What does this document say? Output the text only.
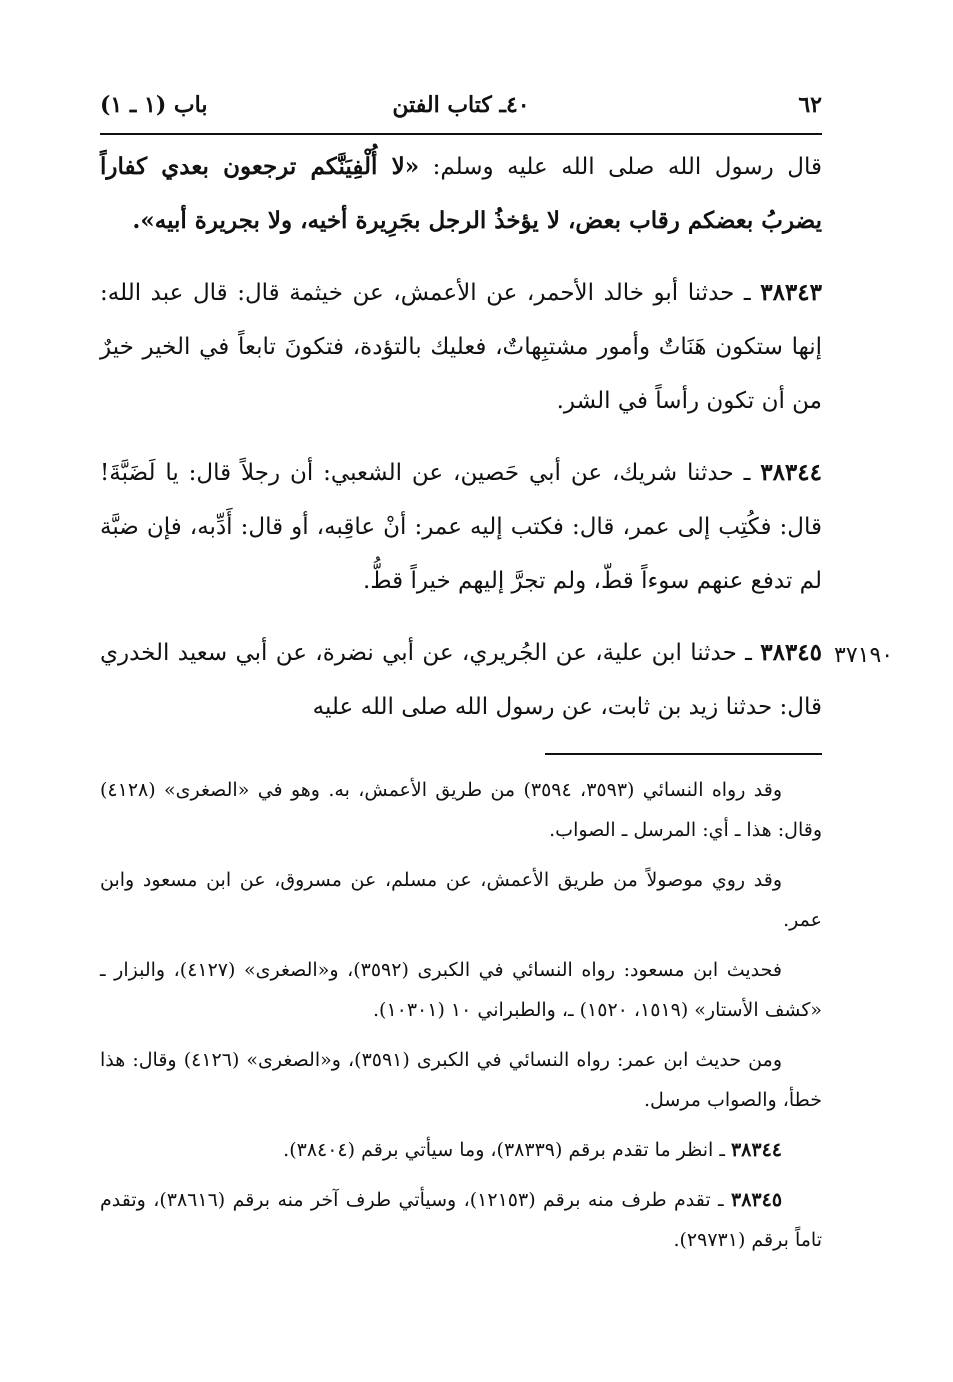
٦٢
٤٠ـ كتاب الفتن
باب (١ ـ ١)

قال رسول الله صلى الله عليه وسلم: «لا أُلْفِيَنَّكم ترجعون بعدي كفاراً يضربُ بعضكم رقاب بعض، لا يؤخذُ الرجل بجَرِيرة أخيه، ولا بجريرة أبيه».

٣٨٣٤٣ ـ حدثنا أبو خالد الأحمر، عن الأعمش، عن خيثمة قال: قال عبد الله: إنها ستكون هَنَاتٌ وأمور مشتبِهاتٌ، فعليك بالتؤدة، فتكونَ تابعاً في الخير خيرٌ من أن تكون رأساً في الشر.

٣٨٣٤٤ ـ حدثنا شريك، عن أبي حَصين، عن الشعبي: أن رجلاً قال: يا لَضَبَّةَ! قال: فكُتِب إلى عمر، قال: فكتب إليه عمر: أنْ عاقِبه، أو قال: أَدِّبه، فإن ضبَّة لم تدفع عنهم سوءاً قطّ، ولم تجرَّ إليهم خيراً قطُّ.

٣٨٣٤٥ ـ حدثنا ابن علية، عن الجُريري، عن أبي نضرة، عن أبي سعيد الخدري قال: حدثنا زيد بن ثابت، عن رسول الله صلى الله عليه

٣٧١٩٠

وقد رواه النسائي (٣٥٩٣، ٣٥٩٤) من طريق الأعمش، به. وهو في «الصغرى» (٤١٢٨) وقال: هذا ـ أي: المرسل ـ الصواب.

وقد روي موصولاً من طريق الأعمش، عن مسلم، عن مسروق، عن ابن مسعود وابن عمر.

فحديث ابن مسعود: رواه النسائي في الكبرى (٣٥٩٢)، و«الصغرى» (٤١٢٧)، والبزار ـ «كشف الأستار» (١٥١٩، ١٥٢٠) ـ، والطبراني ١٠ (١٠٣٠١).

ومن حديث ابن عمر: رواه النسائي في الكبرى (٣٥٩١)، و«الصغرى» (٤١٢٦) وقال: هذا خطأ، والصواب مرسل.

٣٨٣٤٤ ـ انظر ما تقدم برقم (٣٨٣٣٩)، وما سيأتي برقم (٣٨٤٠٤).

٣٨٣٤٥ ـ تقدم طرف منه برقم (١٢١٥٣)، وسيأتي طرف آخر منه برقم (٣٨٦١٦)، وتقدم تاماً برقم (٢٩٧٣١).
